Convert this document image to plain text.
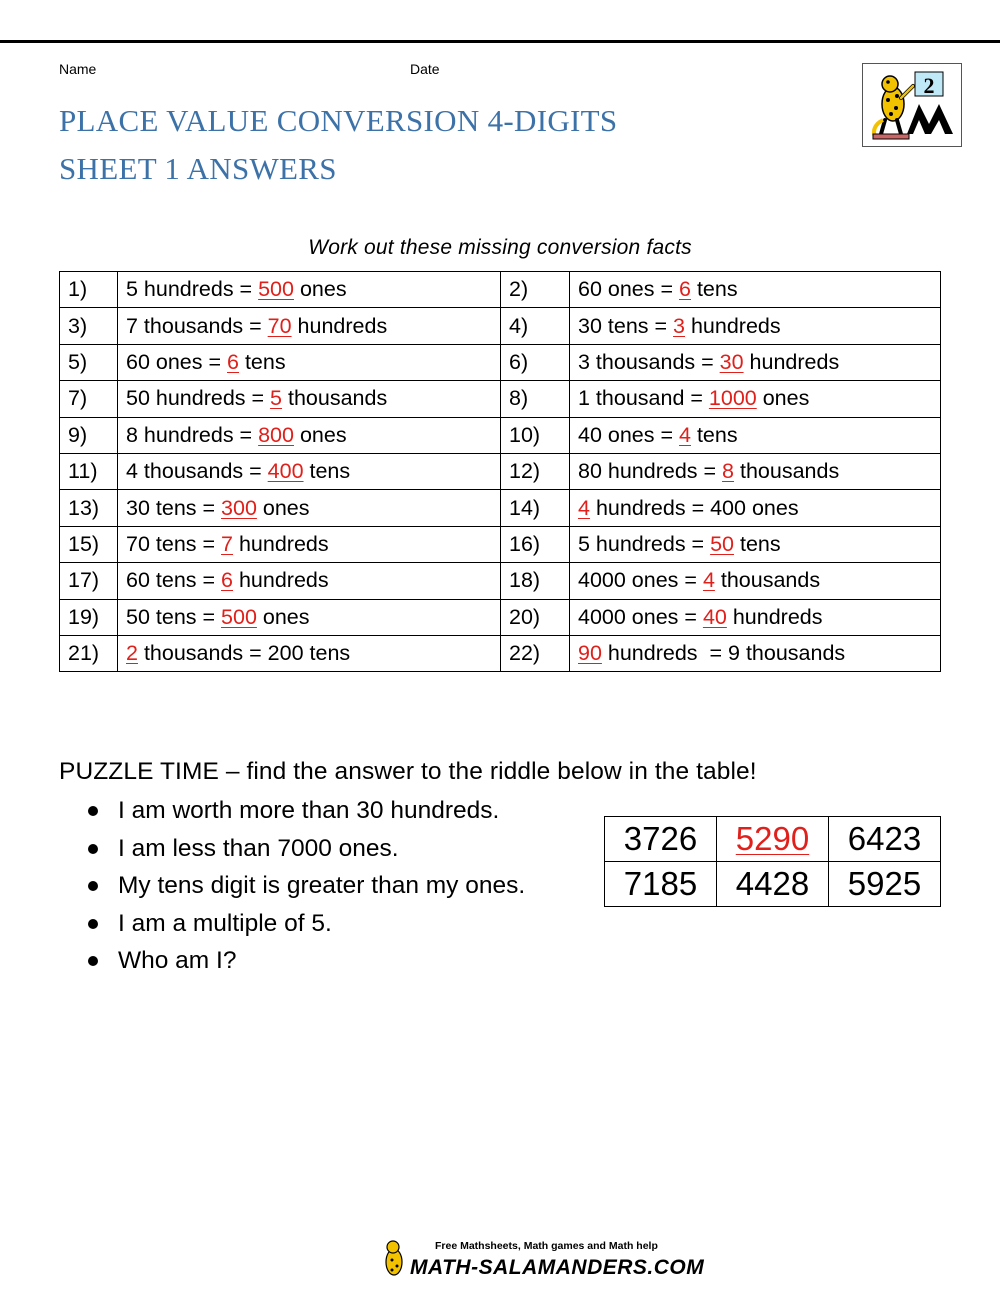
Name	Date
PLACE VALUE CONVERSION 4-DIGITS
SHEET 1 ANSWERS
2
Work out these missing conversion facts
1)	5 hundreds = 500 ones	2)	60 ones = 6 tens
3)	7 thousands = 70 hundreds	4)	30 tens = 3 hundreds
5)	60 ones = 6 tens	6)	3 thousands = 30 hundreds
7)	50 hundreds = 5 thousands	8)	1 thousand = 1000 ones
9)	8 hundreds = 800 ones	10)	40 ones = 4 tens
11)	4 thousands = 400 tens	12)	80 hundreds = 8 thousands
13)	30 tens = 300 ones	14)	4 hundreds = 400 ones
15)	70 tens = 7 hundreds	16)	5 hundreds = 50 tens
17)	60 tens = 6 hundreds	18)	4000 ones = 4 thousands
19)	50 tens = 500 ones	20)	4000 ones = 40 hundreds
21)	2 thousands = 200 tens	22)	90 hundreds  = 9 thousands
PUZZLE TIME – find the answer to the riddle below in the table!
I am worth more than 30 hundreds.
I am less than 7000 ones.
My tens digit is greater than my ones.
I am a multiple of 5.
Who am I?
3726	5290	6423
7185	4428	5925
Free Mathsheets, Math games and Math help
MATH-SALAMANDERS.COM
